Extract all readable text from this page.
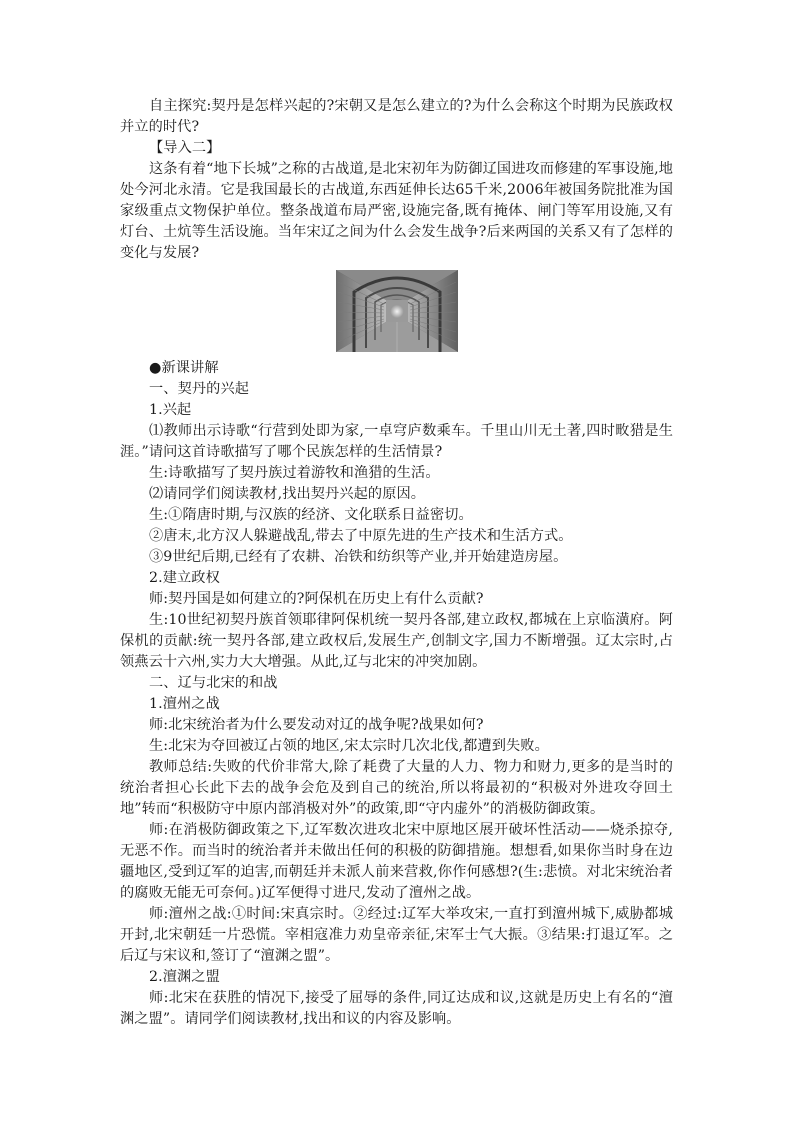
自主探究:契丹是怎样兴起的?宋朝又是怎么建立的?为什么会称这个时期为民族政权并立的时代?

【导入二】

这条有着“地下长城”之称的古战道,是北宋初年为防御辽国进攻而修建的军事设施,地处今河北永清。它是我国最长的古战道,东西延伸长达65千米,2006年被国务院批准为国家级重点文物保护单位。整条战道布局严密,设施完备,既有掩体、闸门等军用设施,又有灯台、土炕等生活设施。当年宋辽之间为什么会发生战争?后来两国的关系又有了怎样的变化与发展?

●新课讲解

一、契丹的兴起

1.兴起

⑴教师出示诗歌“行营到处即为家,一卓穹庐数乘车。千里山川无土著,四时畋猎是生涯。”请问这首诗歌描写了哪个民族怎样的生活情景?

生:诗歌描写了契丹族过着游牧和渔猎的生活。

⑵请同学们阅读教材,找出契丹兴起的原因。

生:①隋唐时期,与汉族的经济、文化联系日益密切。

②唐末,北方汉人躲避战乱,带去了中原先进的生产技术和生活方式。

③9世纪后期,已经有了农耕、冶铁和纺织等产业,并开始建造房屋。

2.建立政权

师:契丹国是如何建立的?阿保机在历史上有什么贡献?

生:10世纪初契丹族首领耶律阿保机统一契丹各部,建立政权,都城在上京临潢府。阿保机的贡献:统一契丹各部,建立政权后,发展生产,创制文字,国力不断增强。辽太宗时,占领燕云十六州,实力大大增强。从此,辽与北宋的冲突加剧。

二、辽与北宋的和战

1.澶州之战

师:北宋统治者为什么要发动对辽的战争呢?战果如何?

生:北宋为夺回被辽占领的地区,宋太宗时几次北伐,都遭到失败。

教师总结:失败的代价非常大,除了耗费了大量的人力、物力和财力,更多的是当时的统治者担心长此下去的战争会危及到自己的统治,所以将最初的“积极对外进攻夺回土地”转而“积极防守中原内部消极对外”的政策,即“守内虚外”的消极防御政策。

师:在消极防御政策之下,辽军数次进攻北宋中原地区展开破坏性活动——烧杀掠夺,无恶不作。而当时的统治者并未做出任何的积极的防御措施。想想看,如果你当时身在边疆地区,受到辽军的迫害,而朝廷并未派人前来营救,你作何感想?(生:悲愤。对北宋统治者的腐败无能无可奈何。)辽军便得寸进尺,发动了澶州之战。

师:澶州之战:①时间:宋真宗时。②经过:辽军大举攻宋,一直打到澶州城下,威胁都城开封,北宋朝廷一片恐慌。宰相寇准力劝皇帝亲征,宋军士气大振。③结果:打退辽军。之后辽与宋议和,签订了“澶渊之盟”。

2.澶渊之盟

师:北宋在获胜的情况下,接受了屈辱的条件,同辽达成和议,这就是历史上有名的“澶渊之盟”。请同学们阅读教材,找出和议的内容及影响。
